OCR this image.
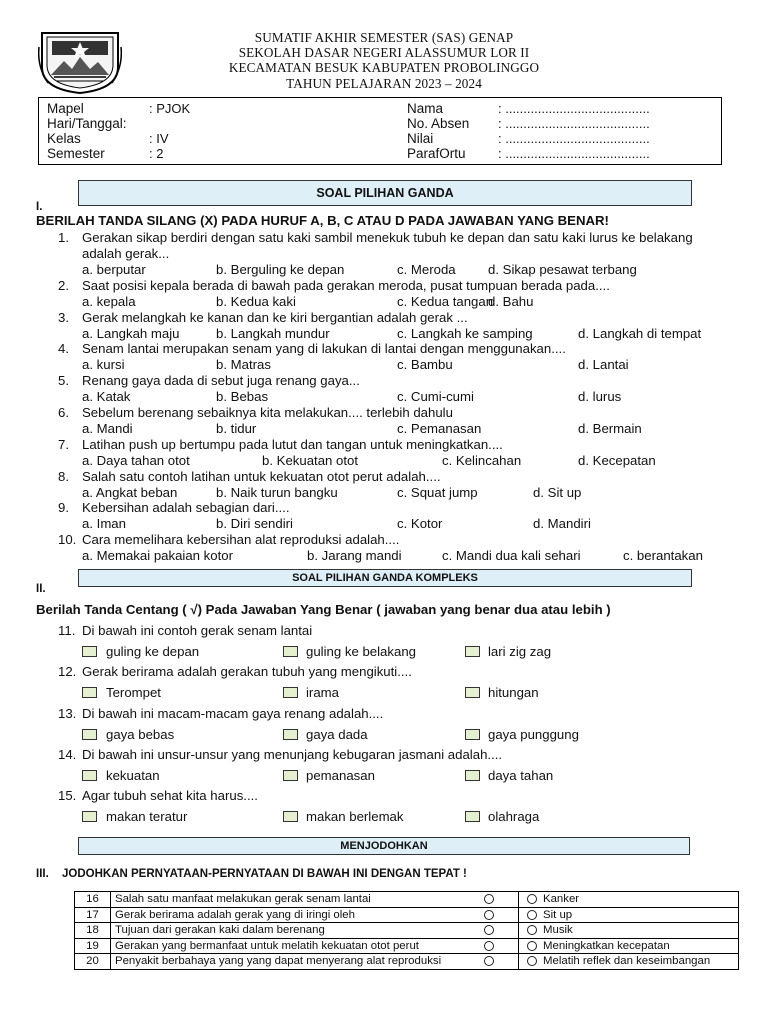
SUMATIF AKHIR SEMESTER (SAS) GENAP
SEKOLAH DASAR NEGERI ALASSUMUR LOR II
KECAMATAN BESUK KABUPATEN PROBOLINGGO
TAHUN PELAJARAN 2023 – 2024
Mapel	: PJOK
Hari/Tanggal:
Kelas	: IV
Semester	: 2
Nama	: ........................................
No. Absen : ........................................
Nilai	: ........................................
ParafOrtu : ........................................
SOAL PILIHAN GANDA
I.
BERILAH TANDA SILANG (X) PADA HURUF A, B, C ATAU D PADA JAWABAN YANG BENAR!
1. Gerakan sikap berdiri dengan satu kaki sambil menekuk tubuh ke depan dan satu kaki lurus ke belakang
adalah gerak...
a. berputar	b. Berguling ke depan	c. Meroda d. Sikap pesawat terbang
2. Saat posisi kepala berada di bawah pada gerakan meroda, pusat tumpuan berada pada....
a. kepala	b. Kedua kaki	c. Kedua tangan
d. Bahu
3. Gerak melangkah ke kanan dan ke kiri bergantian adalah gerak ...
a. Langkah maju	b. Langkah mundur	c. Langkah ke samping	d. Langkah di tempat
4. Senam lantai merupakan senam yang di lakukan di lantai dengan menggunakan....
a. kursi	b. Matras	c. Bambu	d. Lantai
5. Renang gaya dada di sebut juga renang gaya...
a. Katak	b. Bebas	c. Cumi-cumi	d. lurus
6. Sebelum berenang sebaiknya kita melakukan.... terlebih dahulu
a. Mandi	b. tidur	c. Pemanasan	d. Bermain
7. Latihan push up bertumpu pada lutut dan tangan untuk meningkatkan....
a. Daya tahan otot	b. Kekuatan otot	c. Kelincahan	d. Kecepatan
8. Salah satu contoh latihan untuk kekuatan otot perut adalah....
a. Angkat beban	b. Naik turun bangku	c. Squat jump	d. Sit up
9. Kebersihan adalah sebagian dari....
a. Iman	b. Diri sendiri	c. Kotor	d. Mandiri
10. Cara memelihara kebersihan alat reproduksi adalah....
a. Memakai pakaian kotor	b. Jarang mandi	c. Mandi dua kali sehari	c. berantakan
SOAL PILIHAN GANDA KOMPLEKS
II.
Berilah Tanda Centang ( √) Pada Jawaban Yang Benar ( jawaban yang benar dua atau lebih )
11. Di bawah ini contoh gerak senam lantai
guling ke depan	guling ke belakang	lari zig zag
12. Gerak berirama adalah gerakan tubuh yang mengikuti....
Terompet	irama	hitungan
13. Di bawah ini macam-macam gaya renang adalah....
gaya bebas	gaya dada	gaya punggung
14. Di bawah ini unsur-unsur yang menunjang kebugaran jasmani adalah....
kekuatan	pemanasan	daya tahan
15. Agar tubuh sehat kita harus....
makan teratur	makan berlemak	olahraga
MENJODOHKAN
III. JODOHKAN PERNYATAAN-PERNYATAAN DI BAWAH INI DENGAN TEPAT !
16	Salah satu manfaat melakukan gerak senam lantai	Kanker
17	Gerak berirama adalah gerak yang di iringi oleh	Sit up
18	Tujuan dari gerakan kaki dalam berenang	Musik
19	Gerakan yang bermanfaat untuk melatih kekuatan otot perut	Meningkatkan kecepatan
20	Penyakit berbahaya yang yang dapat menyerang alat reproduksi	Melatih reflek dan keseimbangan
